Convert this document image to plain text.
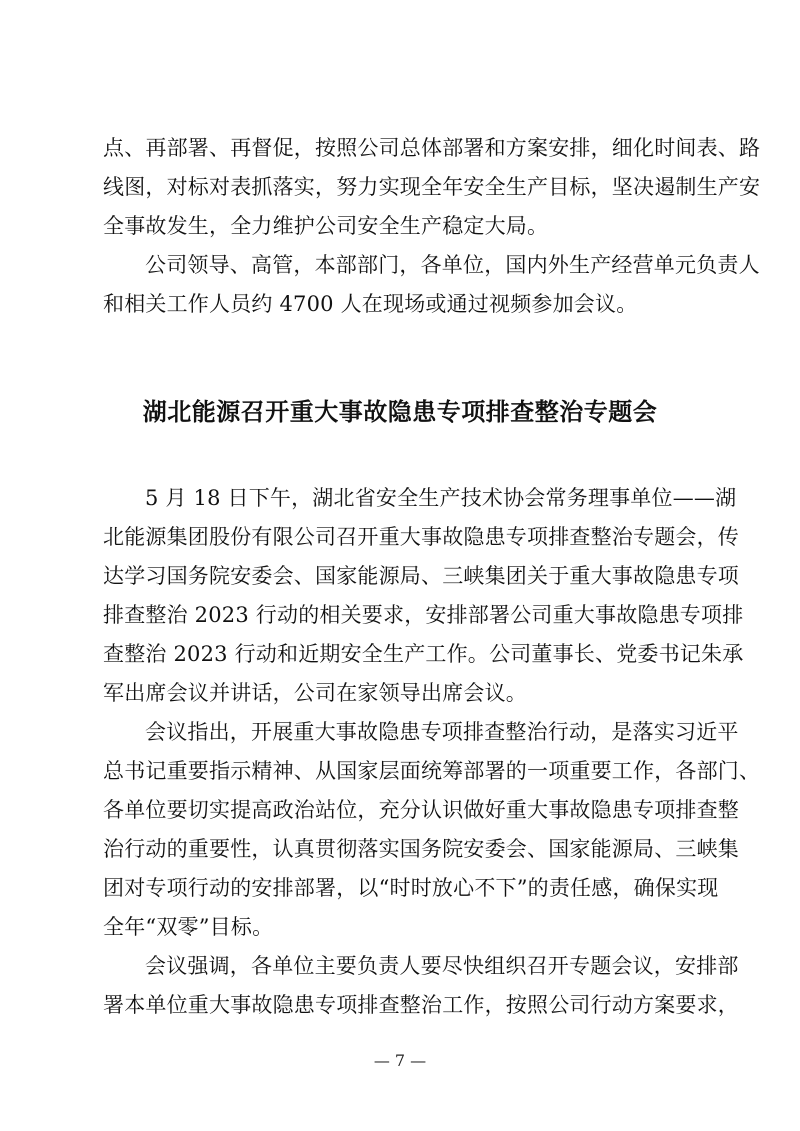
点、再部署、再督促，按照公司总体部署和方案安排，细化时间表、路
线图，对标对表抓落实，努力实现全年安全生产目标，坚决遏制生产安
全事故发生，全力维护公司安全生产稳定大局。
公司领导、高管，本部部门，各单位，国内外生产经营单元负责人
和相关工作人员约 4700 人在现场或通过视频参加会议。
湖北能源召开重大事故隐患专项排查整治专题会
5 月 18 日下午，湖北省安全生产技术协会常务理事单位——湖
北能源集团股份有限公司召开重大事故隐患专项排查整治专题会，传
达学习国务院安委会、国家能源局、三峡集团关于重大事故隐患专项
排查整治 2023 行动的相关要求，安排部署公司重大事故隐患专项排
查整治 2023 行动和近期安全生产工作。公司董事长、党委书记朱承
军出席会议并讲话，公司在家领导出席会议。
会议指出，开展重大事故隐患专项排查整治行动，是落实习近平
总书记重要指示精神、从国家层面统筹部署的一项重要工作，各部门、
各单位要切实提高政治站位，充分认识做好重大事故隐患专项排查整
治行动的重要性，认真贯彻落实国务院安委会、国家能源局、三峡集
团对专项行动的安排部署，以“时时放心不下”的责任感，确保实现
全年“双零”目标。
会议强调，各单位主要负责人要尽快组织召开专题会议，安排部
署本单位重大事故隐患专项排查整治工作，按照公司行动方案要求，
— 7 —
